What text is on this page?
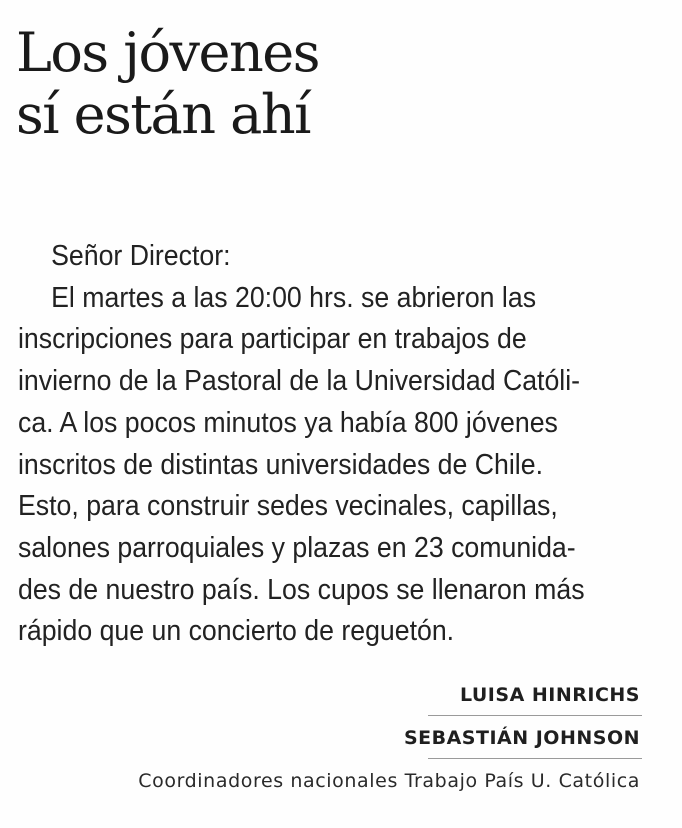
Los jóvenes
sí están ahí
Señor Director:
El martes a las 20:00 hrs. se abrieron las
inscripciones para participar en trabajos de
invierno de la Pastoral de la Universidad Católi-
ca. A los pocos minutos ya había 800 jóvenes
inscritos de distintas universidades de Chile.
Esto, para construir sedes vecinales, capillas,
salones parroquiales y plazas en 23 comunida-
des de nuestro país. Los cupos se llenaron más
rápido que un concierto de reguetón.
LUISA HINRICHS
SEBASTIÁN JOHNSON
Coordinadores nacionales Trabajo País U. Católica
